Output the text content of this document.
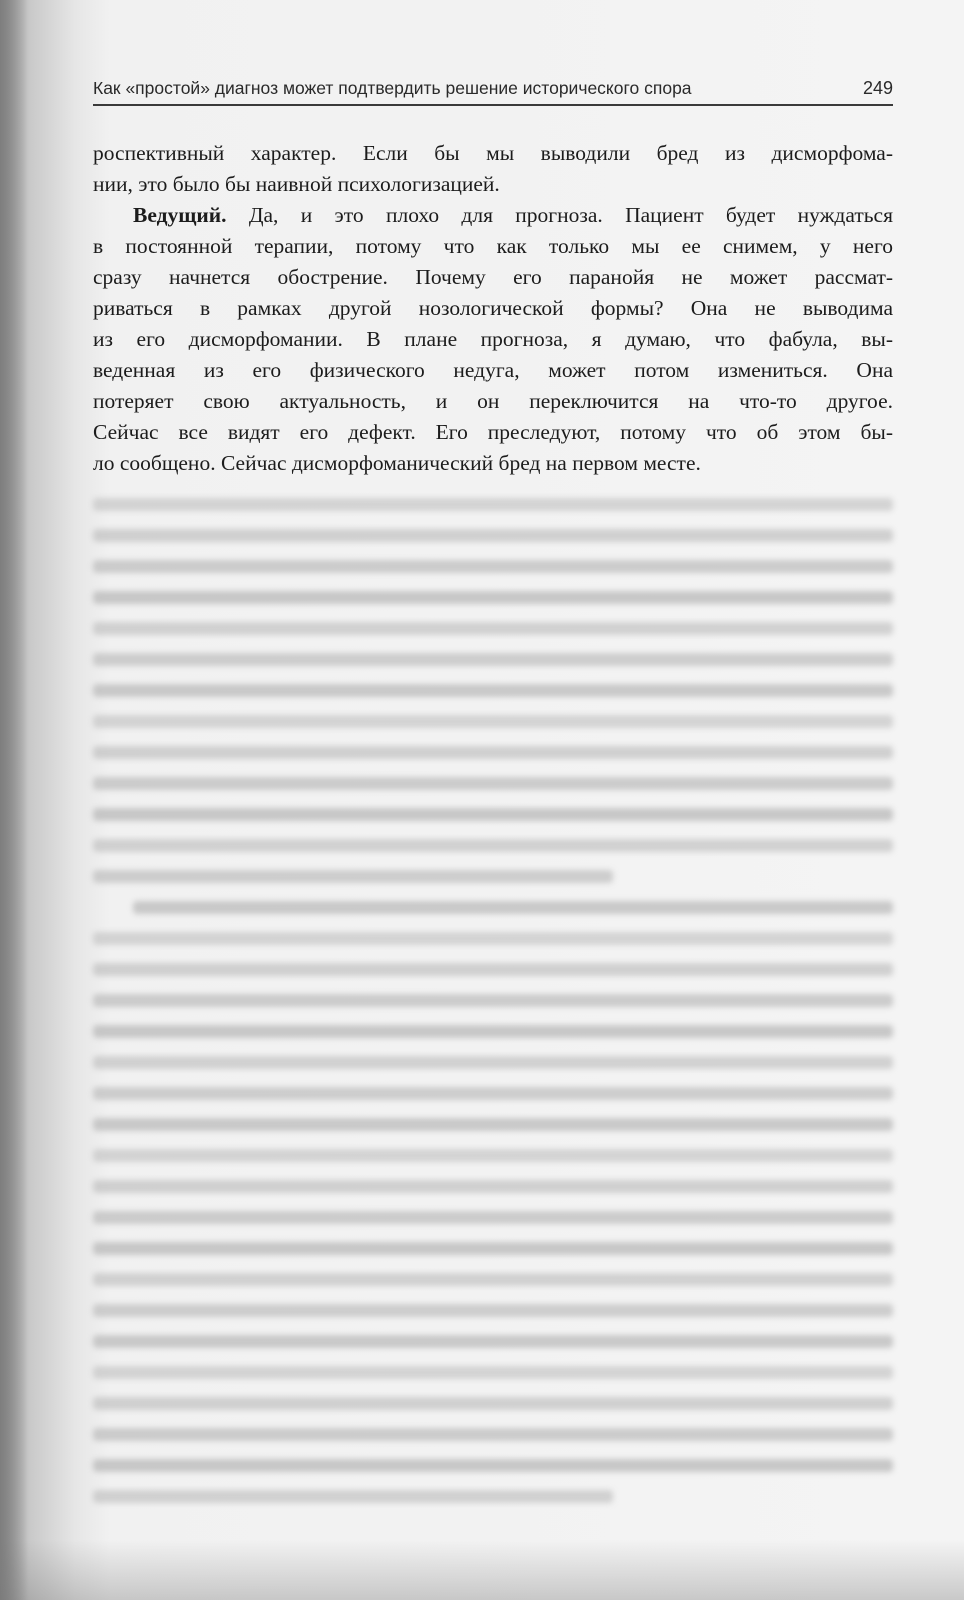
Как «простой» диагноз может подтвердить решение исторического спора	249
роспективный характер. Если бы мы выводили бред из дисморфома-
нии, это было бы наивной психологизацией.
Ведущий. Да, и это плохо для прогноза. Пациент будет нуждаться
в постоянной терапии, потому что как только мы ее снимем, у него
сразу начнется обострение. Почему его паранойя не может рассмат-
риваться в рамках другой нозологической формы? Она не выводима
из его дисморфомании. В плане прогноза, я думаю, что фабула, вы-
веденная из его физического недуга, может потом измениться. Она
потеряет свою актуальность, и он переключится на что-то другое.
Сейчас все видят его дефект. Его преследуют, потому что об этом бы-
ло сообщено. Сейчас дисморфоманический бред на первом месте.
